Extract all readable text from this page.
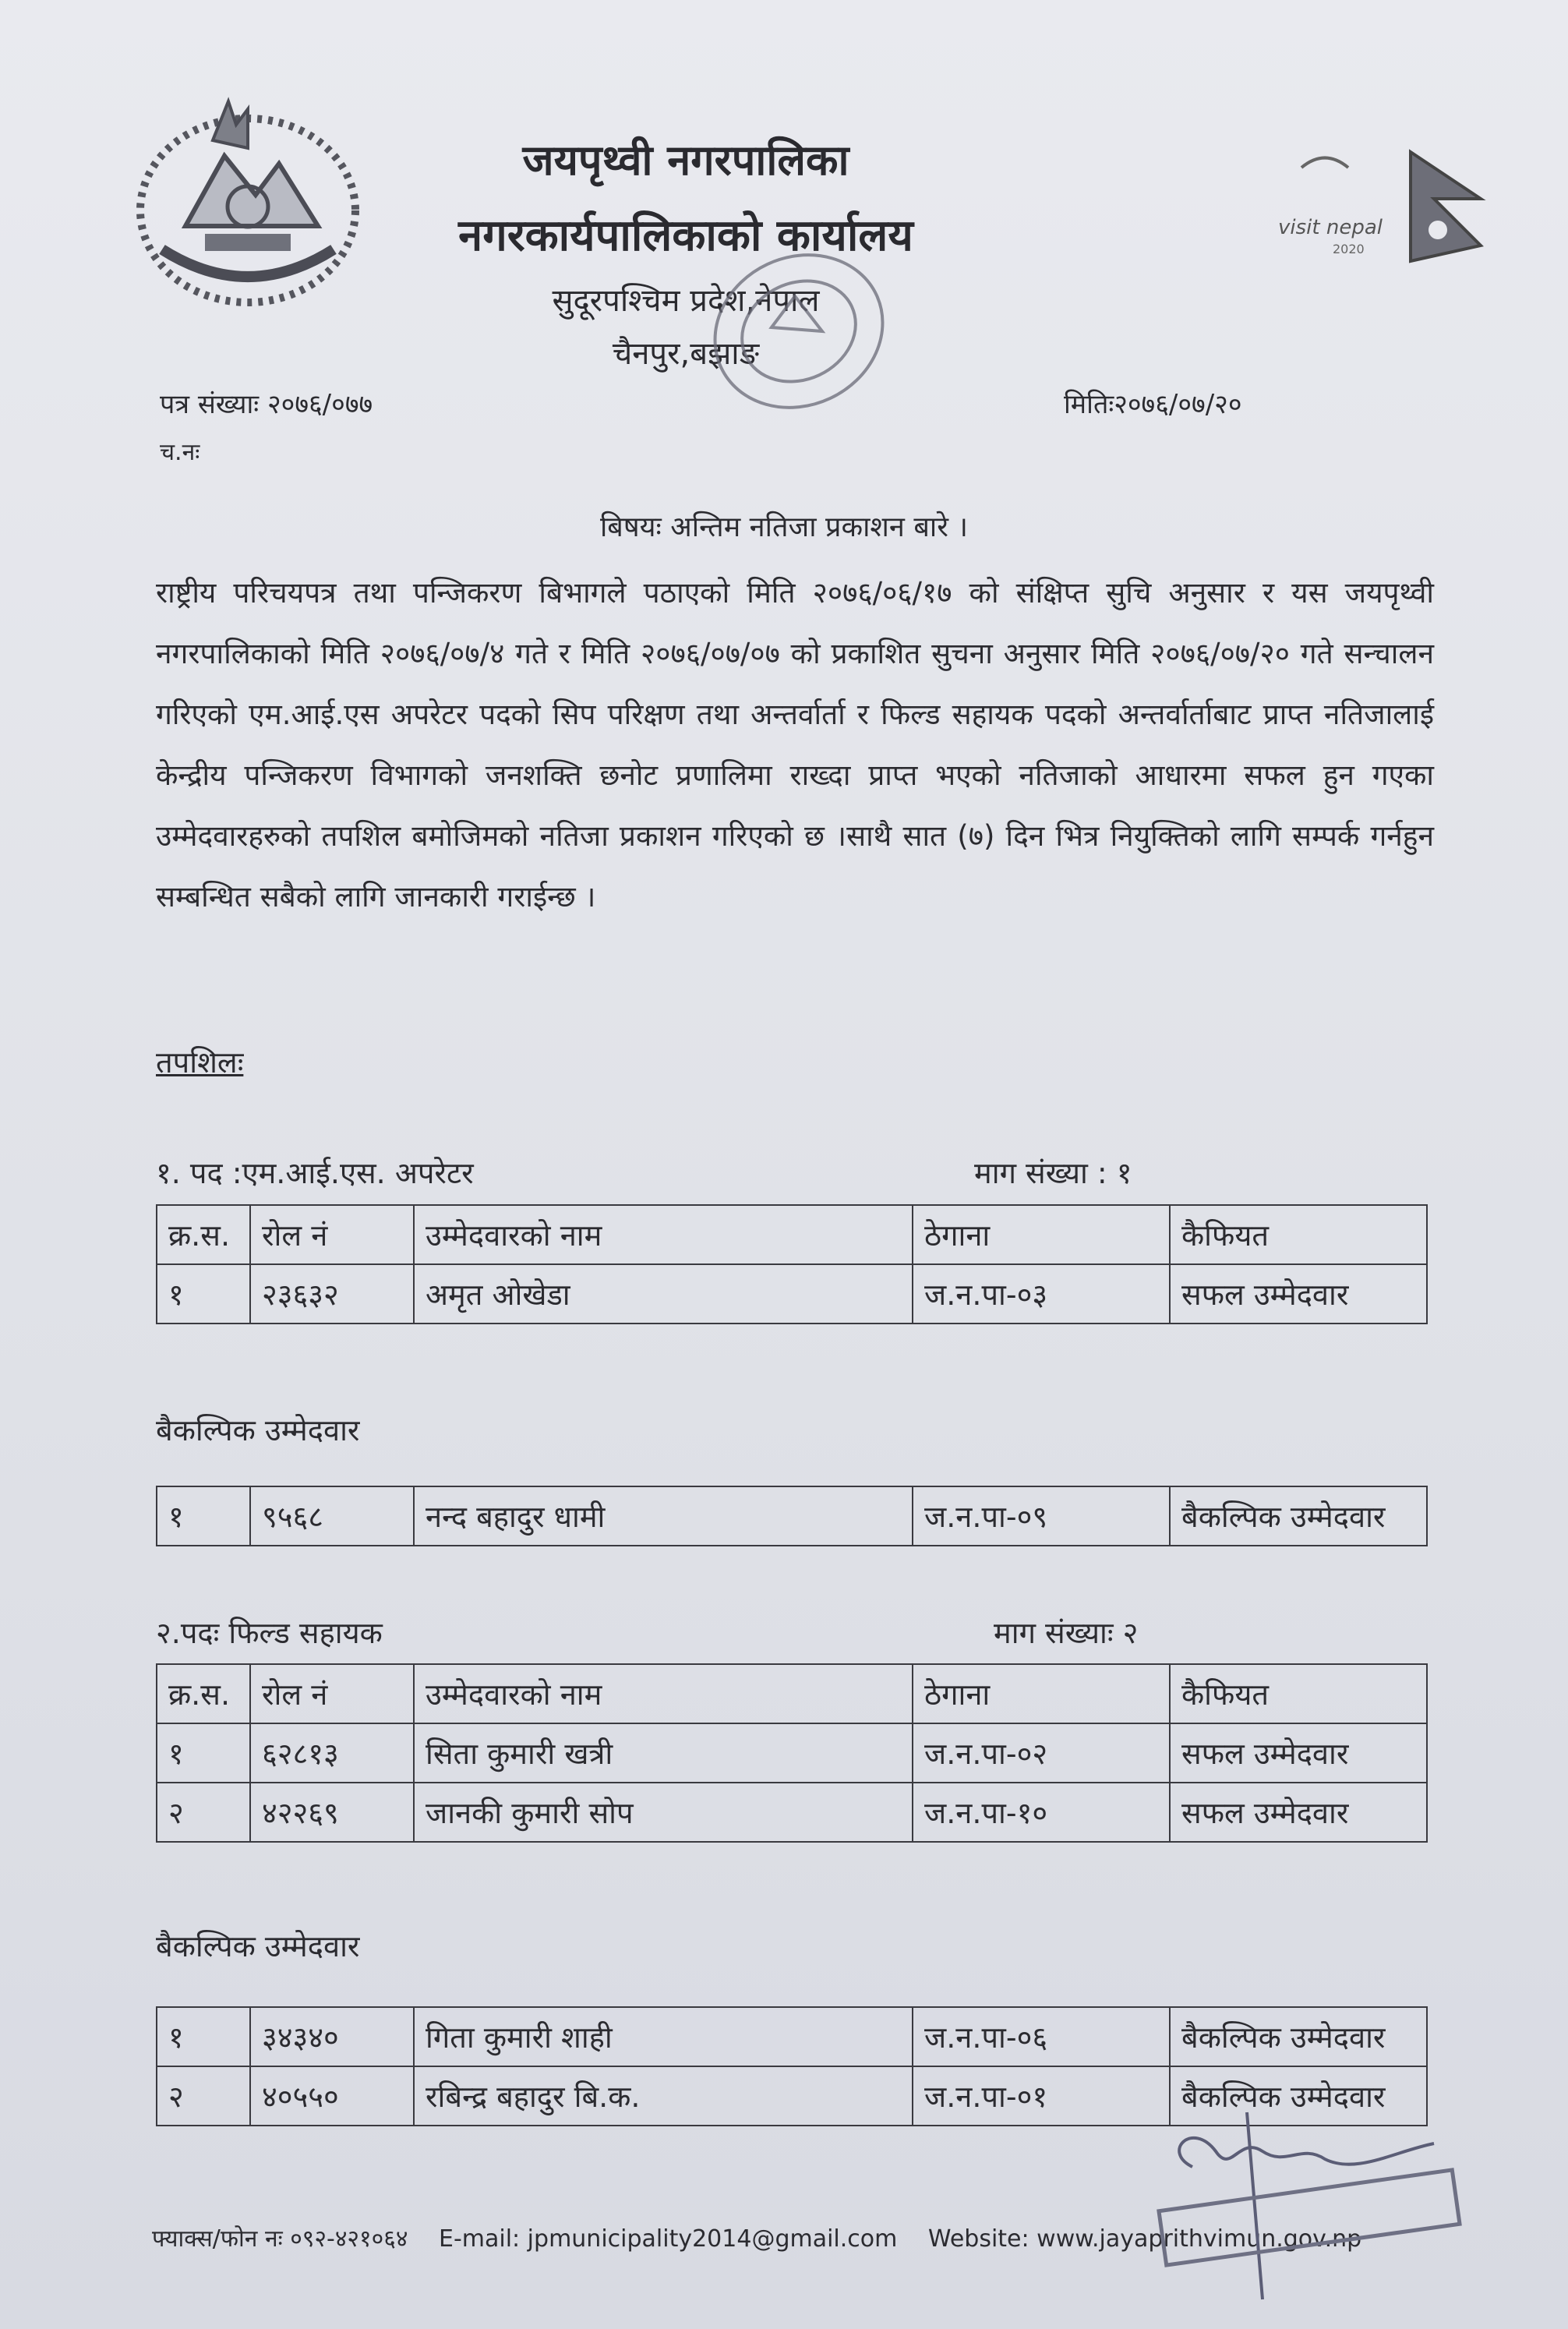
जयपृथ्वी नगरपालिका
नगरकार्यपालिकाको कार्यालय
सुदूरपश्चिम प्रदेश,नेपाल
चैनपुर,बझाङ
visit nepal
2020
पत्र संख्याः २०७६/०७७	मितिः२०७६/०७/२०
च.नः
बिषयः अन्तिम नतिजा प्रकाशन बारे ।
राष्ट्रीय परिचयपत्र तथा पन्जिकरण बिभागले पठाएको मिति २०७६/०६/१७ को संक्षिप्त सुचि अनुसार र यस जयपृथ्वी नगरपालिकाको मिति २०७६/०७/४ गते र मिति २०७६/०७/०७ को प्रकाशित सुचना अनुसार मिति २०७६/०७/२० गते सन्चालन गरिएको एम.आई.एस अपरेटर पदको सिप परिक्षण तथा अन्तर्वार्ता र फिल्ड सहायक पदको अन्तर्वार्ताबाट प्राप्त नतिजालाई केन्द्रीय पन्जिकरण विभागको जनशक्ति छनोट प्रणालिमा राख्दा प्राप्त भएको नतिजाको आधारमा सफल हुन गएका उम्मेदवारहरुको तपशिल बमोजिमको नतिजा प्रकाशन गरिएको छ ।साथै सात (७) दिन भित्र नियुक्तिको लागि सम्पर्क गर्नहुन सम्बन्धित सबैको लागि जानकारी गराईन्छ ।
तपशिलः
१. पद :एम.आई.एस. अपरेटर	माग संख्या : १
क्र.स.	रोल नं	उम्मेदवारको नाम	ठेगाना	कैफियत
१	२३६३२	अमृत ओखेडा	ज.न.पा-०३	सफल उम्मेदवार
बैकल्पिक उम्मेदवार
१	९५६८	नन्द बहादुर धामी	ज.न.पा-०९	बैकल्पिक उम्मेदवार
२.पदः फिल्ड सहायक	माग संख्याः २
क्र.स.	रोल नं	उम्मेदवारको नाम	ठेगाना	कैफियत
१	६२८१३	सिता कुमारी खत्री	ज.न.पा-०२	सफल उम्मेदवार
२	४२२६९	जानकी कुमारी सोप	ज.न.पा-१०	सफल उम्मेदवार
बैकल्पिक उम्मेदवार
१	३४३४०	गिता कुमारी शाही	ज.न.पा-०६	बैकल्पिक उम्मेदवार
२	४०५५०	रबिन्द्र बहादुर बि.क.	ज.न.पा-०१	बैकल्पिक उम्मेदवार
फ्याक्स/फोन नः ०९२-४२१०६४ E-mail: jpmunicipality2014@gmail.com Website: www.jayaprithvimun.gov.np
